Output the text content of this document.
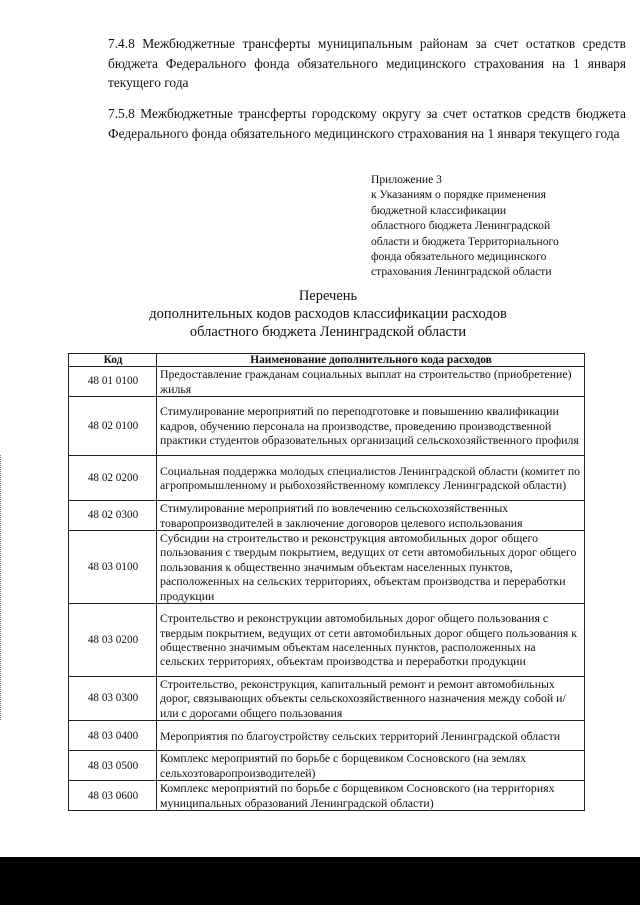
7.4.8 Межбюджетные трансферты муниципальным районам за счет остатков средств бюджета Федерального фонда обязательного медицинского страхования на 1 января текущего года
7.5.8 Межбюджетные трансферты городскому округу за счет остатков средств бюджета Федерального фонда обязательного медицинского страхования на 1 января текущего года
Приложение 3
к Указаниям о порядке применения
бюджетной классификации
областного бюджета Ленинградской
области и бюджета Территориального
фонда обязательного медицинского
страхования Ленинградской области
Перечень
дополнительных кодов расходов классификации расходов
областного бюджета Ленинградской области
Код	Наименование дополнительного кода расходов
48 01 0100	Предоставление гражданам социальных выплат на строительство (приобретение) жилья
48 02 0100	Стимулирование мероприятий по переподготовке и повышению квалификации кадров, обучению персонала на производстве, проведению производственной практики студентов образовательных организаций сельскохозяйственного профиля
48 02 0200	Социальная поддержка молодых специалистов Ленинградской области (комитет по агропромышленному и рыбохозяйственному комплексу Ленинградской области)
48 02 0300	Стимулирование мероприятий по вовлечению сельскохозяйственных товаропроизводителей в заключение договоров целевого использования
48 03 0100	Субсидии на строительство и реконструкция автомобильных дорог общего пользования с твердым покрытием, ведущих от сети автомобильных дорог общего пользования к общественно значимым объектам населенных пунктов, расположенных на сельских территориях, объектам производства и переработки продукции
48 03 0200	Строительство и реконструкции автомобильных дорог общего пользования с твердым покрытием, ведущих от сети автомобильных дорог общего пользования к общественно значимым объектам населенных пунктов, расположенных на сельских территориях, объектам производства и переработки продукции
48 03 0300	Строительство, реконструкция, капитальный ремонт и ремонт автомобильных дорог, связывающих объекты сельскохозяйственного назначения между собой и/или с дорогами общего пользования
48 03 0400	Мероприятия по благоустройству сельских территорий Ленинградской области
48 03 0500	Комплекс мероприятий по борьбе с борщевиком Сосновского (на землях сельхозтоваропроизводителей)
48 03 0600	Комплекс мероприятий по борьбе с борщевиком Сосновского (на территориях муниципальных образований Ленинградской области)
